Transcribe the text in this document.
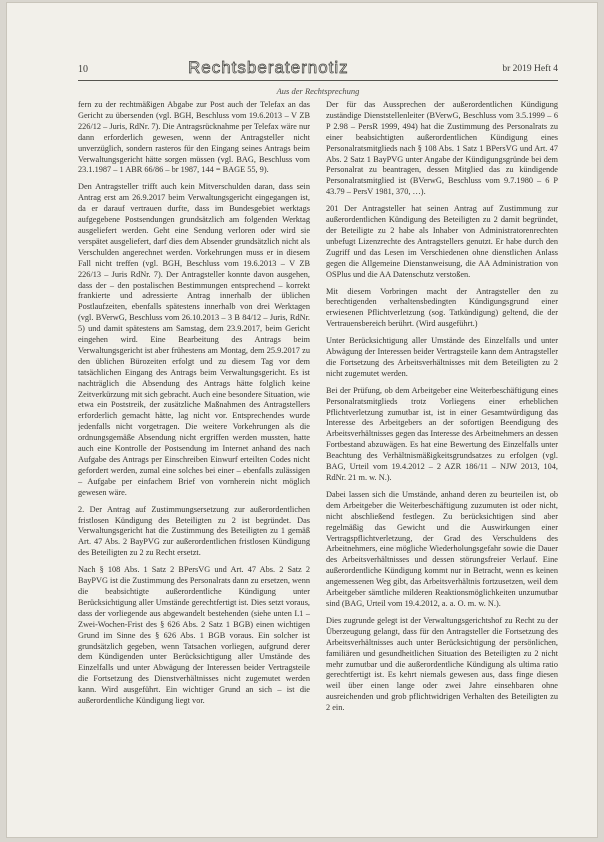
10	Rechtsberaternotiz	br 2019 Heft 4
Aus der Rechtsprechung

fern zu der rechtmäßigen Abgabe zur Post auch der Telefax an das Gericht zu übersenden (vgl. BGH, Beschluss vom 19.6.2013 – V ZB 226/12 – Juris, RdNr. 7). Die Antragsrücknahme per Telefax wäre nur dann erforderlich gewesen, wenn der Antragsteller nicht unverzüglich, sondern rasteros für den Eingang seines Antrags beim Verwaltungsgericht hätte sorgen müssen (vgl. BAG, Beschluss vom 23.1.1987 – 1 ABR 66/86 – br 1987, 144 = BAGE 55, 9).

Den Antragsteller trifft auch kein Mitverschulden daran, dass sein Antrag erst am 26.9.2017 beim Verwaltungsgericht eingegangen ist, da er darauf vertrauen durfte, dass im Bundesgebiet werktags aufgegebene Postsendungen grundsätzlich am folgenden Werktag ausgeliefert werden. Geht eine Sendung verloren oder wird sie verspätet ausgeliefert, darf dies dem Absender grundsätzlich nicht als Verschulden angerechnet werden. Vorkehrungen muss er in diesem Fall nicht treffen (vgl. BGH, Beschluss vom 19.6.2013 – V ZB 226/13 – Juris RdNr. 7). Der Antragsteller konnte davon ausgehen, dass der – den postalischen Bestimmungen entsprechend – korrekt frankierte und adressierte Antrag innerhalb der üblichen Postlaufzeiten, ebenfalls spätestens innerhalb von drei Werktagen (vgl. BVerwG, Beschluss vom 26.10.2013 – 3 B 84/12 – Juris, RdNr. 5) und damit spätestens am Samstag, dem 23.9.2017, beim Gericht eingehen wird. Eine Bearbeitung des Antrags beim Verwaltungsgericht ist aber frühestens am Montag, dem 25.9.2017 zu den üblichen Bürozeiten erfolgt und zu diesem Tag vor dem tatsächlichen Eingang des Antrags beim Verwaltungsgericht. Es ist nachträglich die Absendung des Antrags hätte folglich keine Zeitverkürzung mit sich gebracht. Auch eine besondere Situation, wie etwa ein Poststreik, der zusätzliche Maßnahmen des Antragstellers erforderlich gemacht hätte, lag nicht vor. Entsprechendes wurde jedenfalls nicht vorgetragen. Die weitere Vorkehrungen als die ordnungsgemäße Absendung nicht ergriffen werden mussten, hatte auch eine Kontrolle der Postsendung im Internet anhand des nach Aufgabe des Antrags per Einschreiben Einwurf erteilten Codes nicht gefordert werden, zumal eine solches bei einer – ebenfalls zulässigen – Aufgabe per einfachem Brief von vornherein nicht möglich gewesen wäre.

2. Der Antrag auf Zustimmungsersetzung zur außerordentlichen fristlosen Kündigung des Beteiligten zu 2 ist begründet. Das Verwaltungsgericht hat die Zustimmung des Beteiligten zu 1 gemäß Art. 47 Abs. 2 BayPVG zur außerordentlichen fristlosen Kündigung des Beteiligten zu 2 zu Recht ersetzt.

Nach § 108 Abs. 1 Satz 2 BPersVG und Art. 47 Abs. 2 Satz 2 BayPVG ist die Zustimmung des Personalrats dann zu ersetzen, wenn die beabsichtigte außerordentliche Kündigung unter Berücksichtigung aller Umstände gerechtfertigt ist. Dies setzt voraus, dass der vorliegende aus abgewandelt bestehenden (siehe unten I.1 – Zwei-Wochen-Frist des § 626 Abs. 2 Satz 1 BGB) einen wichtigen Grund im Sinne des § 626 Abs. 1 BGB voraus. Ein solcher ist grundsätzlich gegeben, wenn Tatsachen vorliegen, aufgrund derer dem Kündigenden unter Berücksichtigung aller Umstände des Einzelfalls und unter Abwägung der Interessen beider Vertragsteile die Fortsetzung des Dienstverhältnisses nicht zugemutet werden kann. Wird ausgeführt. Ein wichtiger Grund an sich – ist die außerordentliche Kündigung liegt vor.

Der für das Aussprechen der außerordentlichen Kündigung zuständige Dienststellenleiter (BVerwG, Beschluss vom 3.5.1999 – 6 P 2.98 – PersR 1999, 494) hat die Zustimmung des Personalrats zu einer beabsichtigten außerordentlichen Kündigung eines Personalratsmitglieds nach § 108 Abs. 1 Satz 1 BPersVG und Art. 47 Abs. 2 Satz 1 BayPVG unter Angabe der Kündigungsgründe bei dem Personalrat zu beantragen, dessen Mitglied das zu kündigende Personalratsmitglied ist (BVerwG, Beschluss vom 9.7.1980 – 6 P 43.79 – PersV 1981, 370, …).

201 Der Antragsteller hat seinen Antrag auf Zustimmung zur außerordentlichen Kündigung des Beteiligten zu 2 damit begründet, der Beteiligte zu 2 habe als Inhaber von Administratorenrechten unbefugt Lizenzrechte des Antragstellers genutzt. Er habe durch den Zugriff und das Lesen im Verschiedenen ohne dienstlichen Anlass gegen die Allgemeine Dienstanweisung, die AA Administration von OSPlus und die AA Datenschutz verstoßen.

Mit diesem Vorbringen macht der Antragsteller den zu berechtigenden verhaltensbedingten Kündigungsgrund einer erwiesenen Pflichtverletzung (sog. Tatkündigung) geltend, die der Vertrauensbereich berührt. (Wird ausgeführt.)

Unter Berücksichtigung aller Umstände des Einzelfalls und unter Abwägung der Interessen beider Vertragsteile kann dem Antragsteller die Fortsetzung des Arbeitsverhältnisses mit dem Beteiligten zu 2 nicht zugemutet werden.

Bei der Prüfung, ob dem Arbeitgeber eine Weiterbeschäftigung eines Personalratsmitglieds trotz Vorliegens einer erheblichen Pflichtverletzung zumutbar ist, ist in einer Gesamtwürdigung das Interesse des Arbeitgebers an der sofortigen Beendigung des Arbeitsverhältnisses gegen das Interesse des Arbeitnehmers an dessen Fortbestand abzuwägen. Es hat eine Bewertung des Einzelfalls unter Beachtung des Verhältnismäßigkeitsgrundsatzes zu erfolgen (vgl. BAG, Urteil vom 19.4.2012 – 2 AZR 186/11 – NJW 2013, 104, RdNr. 21 m. w. N.).

Dabei lassen sich die Umstände, anhand deren zu beurteilen ist, ob dem Arbeitgeber die Weiterbeschäftigung zuzumuten ist oder nicht, nicht abschließend festlegen. Zu berücksichtigen sind aber regelmäßig das Gewicht und die Auswirkungen einer Vertragspflichtverletzung, der Grad des Verschuldens des Arbeitnehmers, eine mögliche Wiederholungsgefahr sowie die Dauer des Arbeitsverhältnisses und dessen störungsfreier Verlauf. Eine außerordentliche Kündigung kommt nur in Betracht, wenn es keinen angemessenen Weg gibt, das Arbeitsverhältnis fortzusetzen, weil dem Arbeitgeber sämtliche milderen Reaktionsmöglichkeiten unzumutbar sind (BAG, Urteil vom 19.4.2012, a. a. O. m. w. N.).

Dies zugrunde gelegt ist der Verwaltungsgerichtshof zu Recht zu der Überzeugung gelangt, dass für den Antragsteller die Fortsetzung des Arbeitsverhältnisses auch unter Berücksichtigung der persönlichen, familiären und gesundheitlichen Situation des Beteiligten zu 2 nicht mehr zumutbar und die außerordentliche Kündigung als ultima ratio gerechtfertigt ist. Es kehrt niemals gewesen aus, dass finge diesen weil über einen lange oder zwei Jahre einsehbaren ohne ausreichenden und grob pflichtwidrigen Verhalten des Beteiligten zu 2 ein.
